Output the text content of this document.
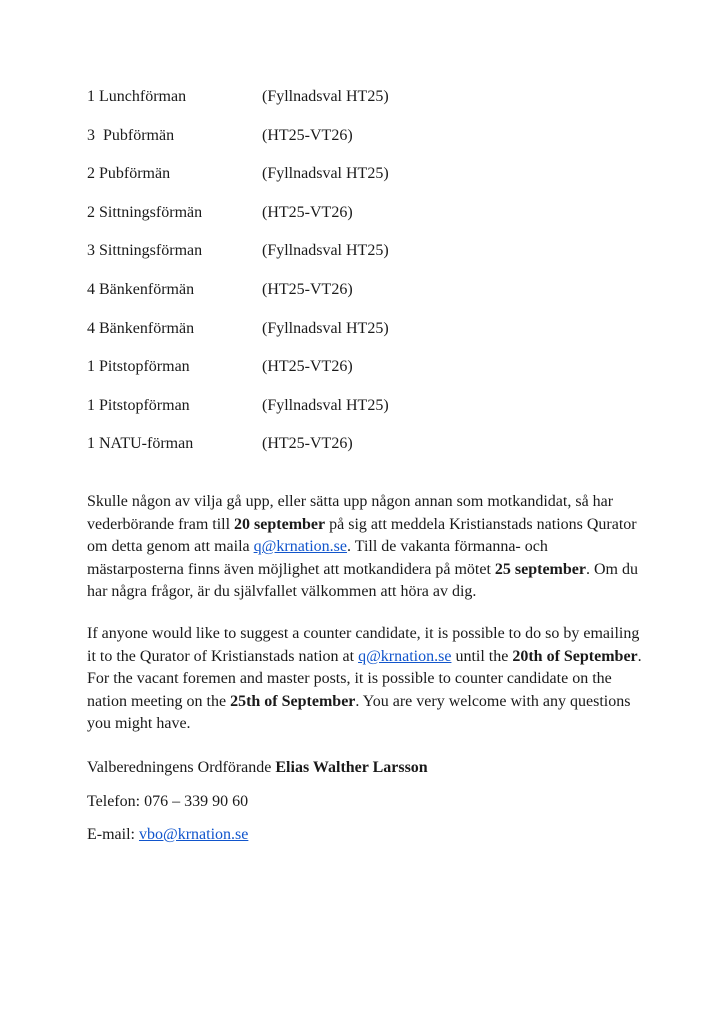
1 Lunchförman	(Fyllnadsval HT25)
3  Pubförmän	(HT25-VT26)
2 Pubförmän	(Fyllnadsval HT25)
2 Sittningsförmän	(HT25-VT26)
3 Sittningsförman	(Fyllnadsval HT25)
4 Bänkenförmän	(HT25-VT26)
4 Bänkenförmän	(Fyllnadsval HT25)
1 Pitstopförman	(HT25-VT26)
1 Pitstopförman	(Fyllnadsval HT25)
1 NATU-förman	(HT25-VT26)

Skulle någon av vilja gå upp, eller sätta upp någon annan som motkandidat, så har vederbörande fram till 20 september på sig att meddela Kristianstads nations Qurator om detta genom att maila q@krnation.se. Till de vakanta förmanna- och mästarposterna finns även möjlighet att motkandidera på mötet 25 september. Om du har några frågor, är du självfallet välkommen att höra av dig.

If anyone would like to suggest a counter candidate, it is possible to do so by emailing it to the Qurator of Kristianstads nation at q@krnation.se until the 20th of September. For the vacant foremen and master posts, it is possible to counter candidate on the nation meeting on the 25th of September. You are very welcome with any questions you might have.

Valberedningens Ordförande Elias Walther Larsson

Telefon: 076 – 339 90 60

E-mail: vbo@krnation.se
